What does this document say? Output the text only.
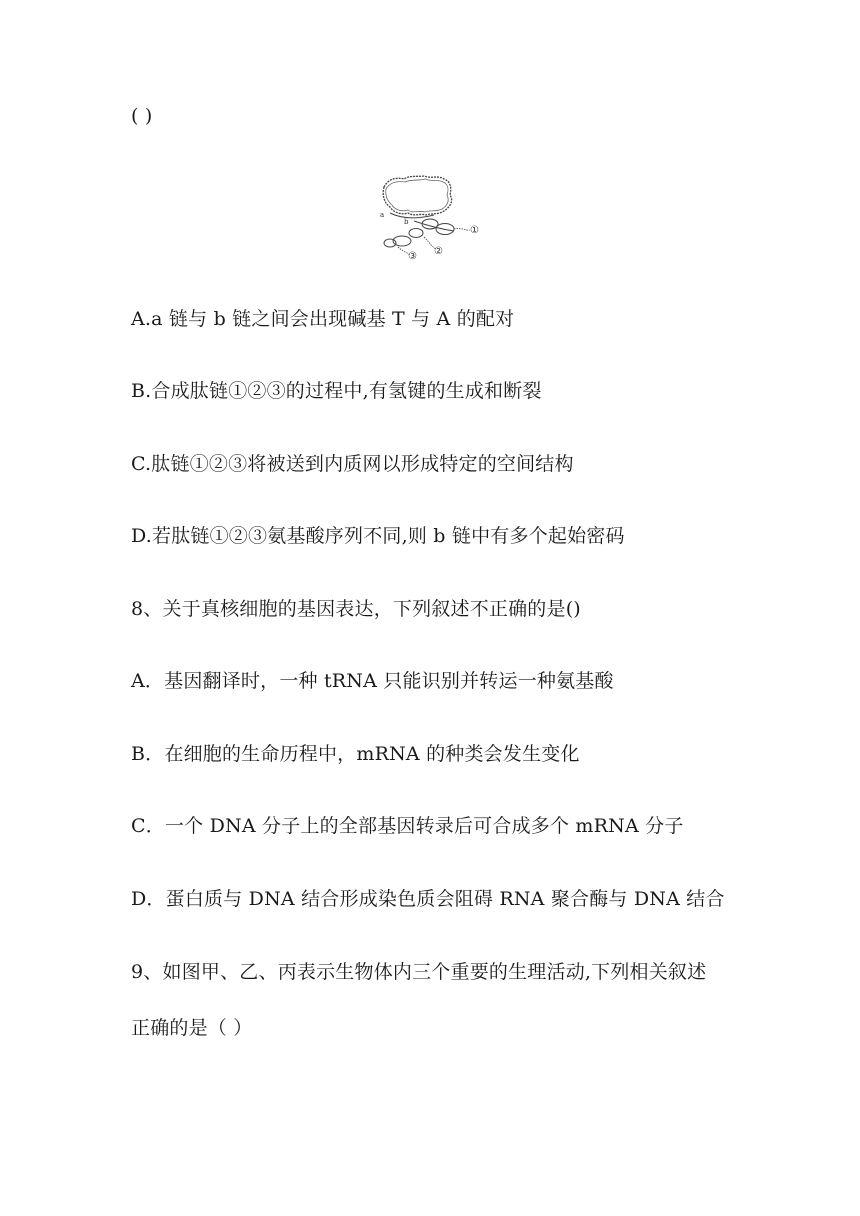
( )
a
b
①
②
③
A.a 链与 b 链之间会出现碱基 T 与 A 的配对
B.合成肽链①②③的过程中,有氢键的生成和断裂
C.肽链①②③将被送到内质网以形成特定的空间结构
D.若肽链①②③氨基酸序列不同,则 b 链中有多个起始密码
8、关于真核细胞的基因表达，下列叙述不正确的是()
A．基因翻译时，一种 tRNA 只能识别并转运一种氨基酸
B．在细胞的生命历程中，mRNA 的种类会发生变化
C．一个 DNA 分子上的全部基因转录后可合成多个 mRNA 分子
D．蛋白质与 DNA 结合形成染色质会阻碍 RNA 聚合酶与 DNA 结合
9、如图甲、乙、丙表示生物体内三个重要的生理活动,下列相关叙述
正确的是（ ）
